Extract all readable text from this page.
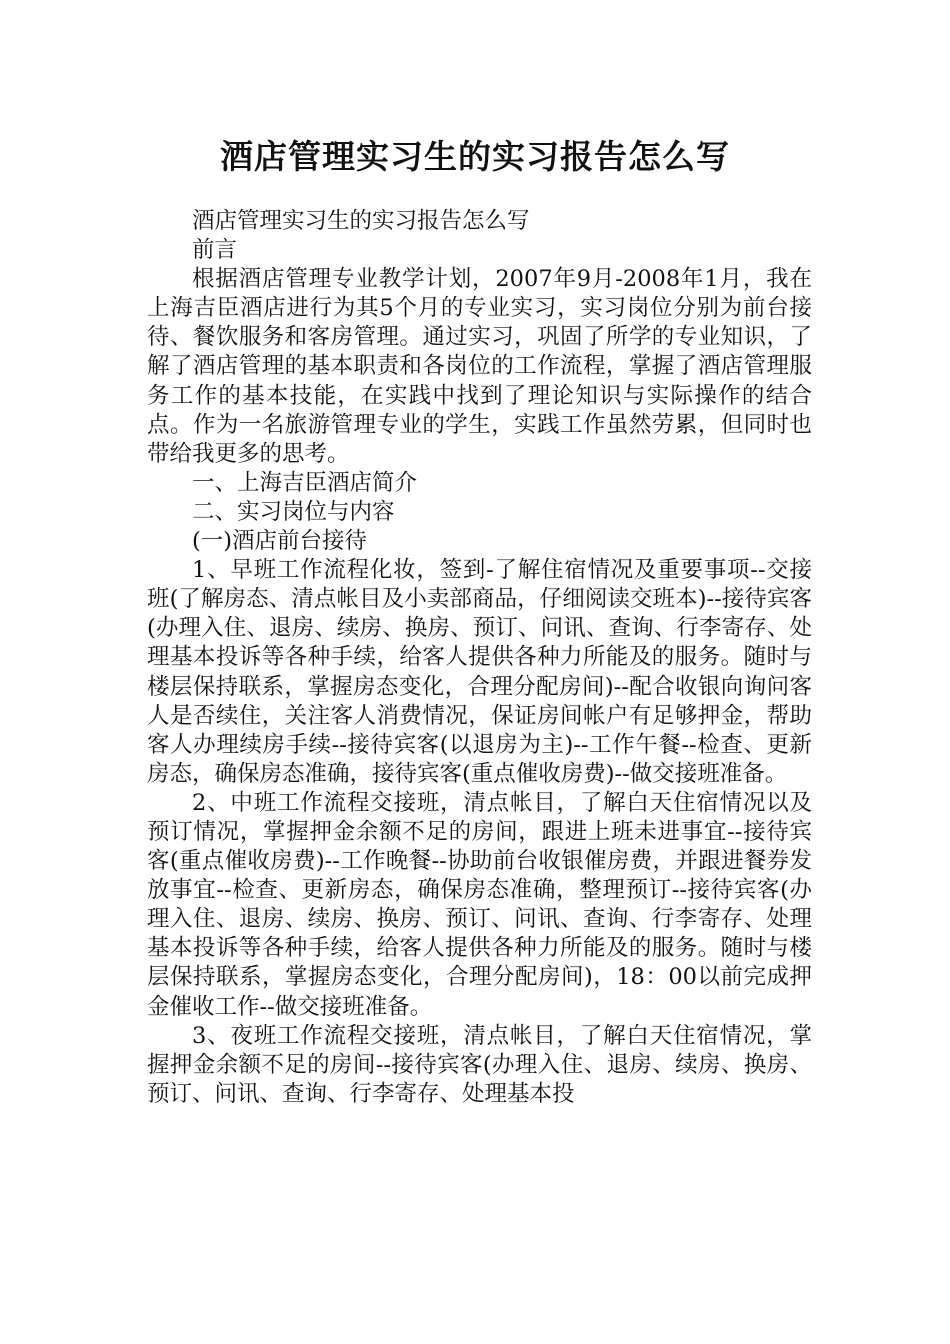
酒店管理实习生的实习报告怎么写

酒店管理实习生的实习报告怎么写

前言

根据酒店管理专业教学计划，2007年9月-2008年1月，我在上海吉臣酒店进行为其5个月的专业实习，实习岗位分别为前台接待、餐饮服务和客房管理。通过实习，巩固了所学的专业知识，了解了酒店管理的基本职责和各岗位的工作流程，掌握了酒店管理服务工作的基本技能，在实践中找到了理论知识与实际操作的结合点。作为一名旅游管理专业的学生，实践工作虽然劳累，但同时也带给我更多的思考。

一、上海吉臣酒店简介

二、实习岗位与内容

(一)酒店前台接待

1、早班工作流程化妆，签到-了解住宿情况及重要事项--交接班(了解房态、清点帐目及小卖部商品，仔细阅读交班本)--接待宾客(办理入住、退房、续房、换房、预订、问讯、查询、行李寄存、处理基本投诉等各种手续，给客人提供各种力所能及的服务。随时与楼层保持联系，掌握房态变化，合理分配房间)--配合收银向询问客人是否续住，关注客人消费情况，保证房间帐户有足够押金，帮助客人办理续房手续--接待宾客(以退房为主)--工作午餐--检查、更新房态，确保房态准确，接待宾客(重点催收房费)--做交接班准备。

2、中班工作流程交接班，清点帐目，了解白天住宿情况以及预订情况，掌握押金余额不足的房间，跟进上班未进事宜--接待宾客(重点催收房费)--工作晚餐--协助前台收银催房费，并跟进餐券发放事宜--检查、更新房态，确保房态准确，整理预订--接待宾客(办理入住、退房、续房、换房、预订、问讯、查询、行李寄存、处理基本投诉等各种手续，给客人提供各种力所能及的服务。随时与楼层保持联系，掌握房态变化，合理分配房间)，18：00以前完成押金催收工作--做交接班准备。

3、夜班工作流程交接班，清点帐目，了解白天住宿情况，掌握押金余额不足的房间--接待宾客(办理入住、退房、续房、换房、预订、问讯、查询、行李寄存、处理基本投
